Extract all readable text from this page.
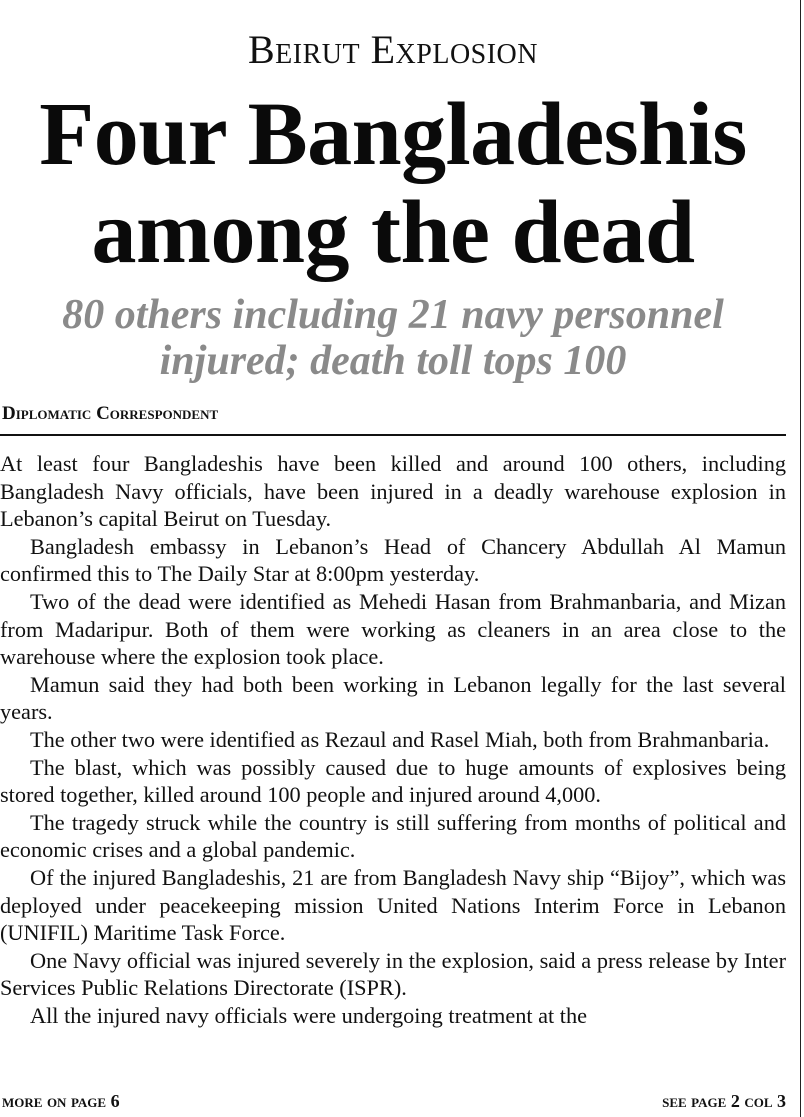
Beirut Explosion
Four Bangladeshis
among the dead
80 others including 21 navy personnel
injured; death toll tops 100
Diplomatic Correspondent

At least four Bangladeshis have been killed and around 100 others, including Bangladesh Navy officials, have been injured in a deadly warehouse explosion in Lebanon’s capital Beirut on Tuesday.

Bangladesh embassy in Lebanon’s Head of Chancery Abdullah Al Mamun confirmed this to The Daily Star at 8:00pm yesterday.

Two of the dead were identified as Mehedi Hasan from Brahmanbaria, and Mizan from Madaripur. Both of them were working as cleaners in an area close to the warehouse where the explosion took place.

Mamun said they had both been working in Lebanon legally for the last several years.

The other two were identified as Rezaul and Rasel Miah, both from Brahmanbaria.

The blast, which was possibly caused due to huge amounts of explosives being stored together, killed around 100 people and injured around 4,000.

The tragedy struck while the country is still suffering from months of political and economic crises and a global pandemic.

Of the injured Bangladeshis, 21 are from Bangladesh Navy ship “Bijoy”, which was deployed under peacekeeping mission United Nations Interim Force in Lebanon (UNIFIL) Maritime Task Force.

One Navy official was injured severely in the explosion, said a press release by Inter Services Public Relations Directorate (ISPR).

All the injured navy officials were undergoing treatment at the

more on page 6	see page 2 col 3
